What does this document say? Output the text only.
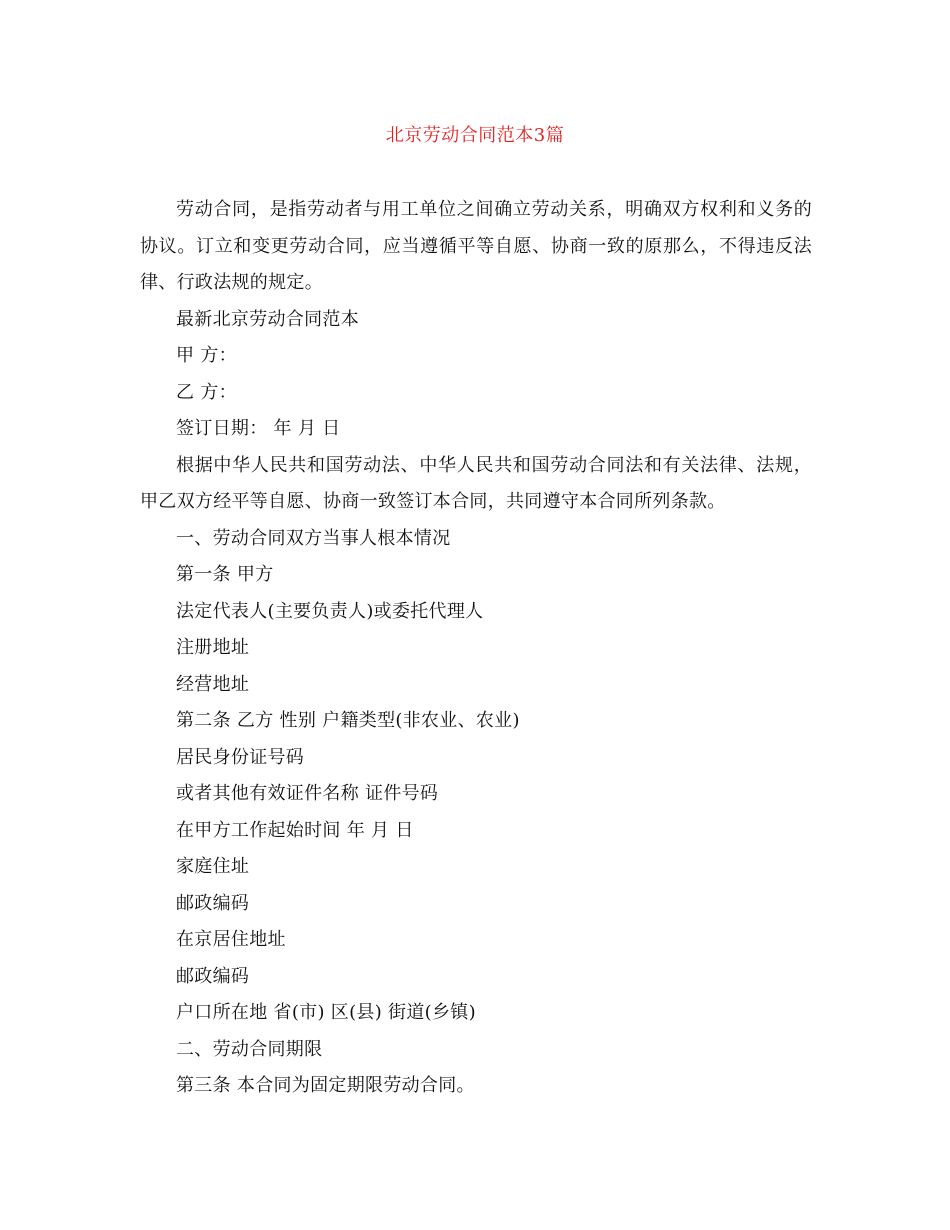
北京劳动合同范本3篇

劳动合同，是指劳动者与用工单位之间确立劳动关系，明确双方权利和义务的协议。订立和变更劳动合同，应当遵循平等自愿、协商一致的原那么，不得违反法律、行政法规的规定。

最新北京劳动合同范本

甲 方：

乙 方：

签订日期： 年 月 日

根据中华人民共和国劳动法、中华人民共和国劳动合同法和有关法律、法规，甲乙双方经平等自愿、协商一致签订本合同，共同遵守本合同所列条款。

一、劳动合同双方当事人根本情况

第一条 甲方

法定代表人(主要负责人)或委托代理人

注册地址

经营地址

第二条 乙方 性别 户籍类型(非农业、农业)

居民身份证号码

或者其他有效证件名称 证件号码

在甲方工作起始时间 年 月 日

家庭住址

邮政编码

在京居住地址

邮政编码

户口所在地 省(市) 区(县) 街道(乡镇)

二、劳动合同期限

第三条 本合同为固定期限劳动合同。
